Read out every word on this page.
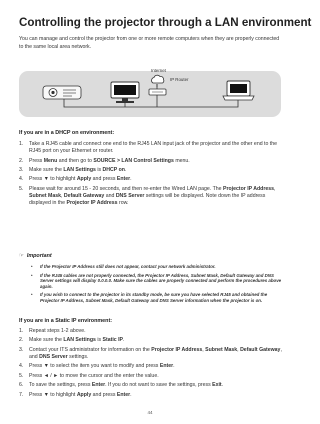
Controlling the projector through a LAN environment
You can manage and control the projector from one or more remote computers when they are properly connected to the same local area network.
Internet
IP Router
If you are in a DHCP on environment:
1. Take a RJ45 cable and connect one end to the RJ45 LAN input jack of the projector and the other end to the RJ45 port on your Ethernet or router.
2. Press Menu and then go to SOURCE > LAN Control Settings menu.
3. Make sure the LAN Settings is DHCP on.
4. Press ▼ to highlight Apply and press Enter.
5. Please wait for around 15 - 20 seconds, and then re-enter the Wired LAN page. The Projector IP Address, Subnet Mask, Default Gateway and DNS Server settings will be displayed. Note down the IP address displayed in the Projector IP Address row.
☞ Important
• If the Projector IP Address still does not appear, contact your network administrator.
• If the RJ45 cables are not properly connected, the Projector IP Address, Subnet Mask, Default Gateway and DNS Server settings will display 0.0.0.0. Make sure the cables are properly connected and perform the procedures above again.
• If you wish to connect to the projector in its standby mode, be sure you have selected RJ45 and obtained the Projector IP Address, Subnet Mask, Default Gateway and DNS Server information when the projector is on.
If you are in a Static IP environment:
1. Repeat steps 1-2 above.
2. Make sure the LAN Settings is Static IP.
3. Contact your ITS administrator for information on the Projector IP Address, Subnet Mask, Default Gateway, and DNS Server settings.
4. Press ▼ to select the item you want to modify and press Enter.
5. Press ◄ / ► to move the cursor and the enter the value.
6. To save the settings, press Enter. If you do not want to save the settings, press Exit.
7. Press ▼ to highlight Apply and press Enter.
44
